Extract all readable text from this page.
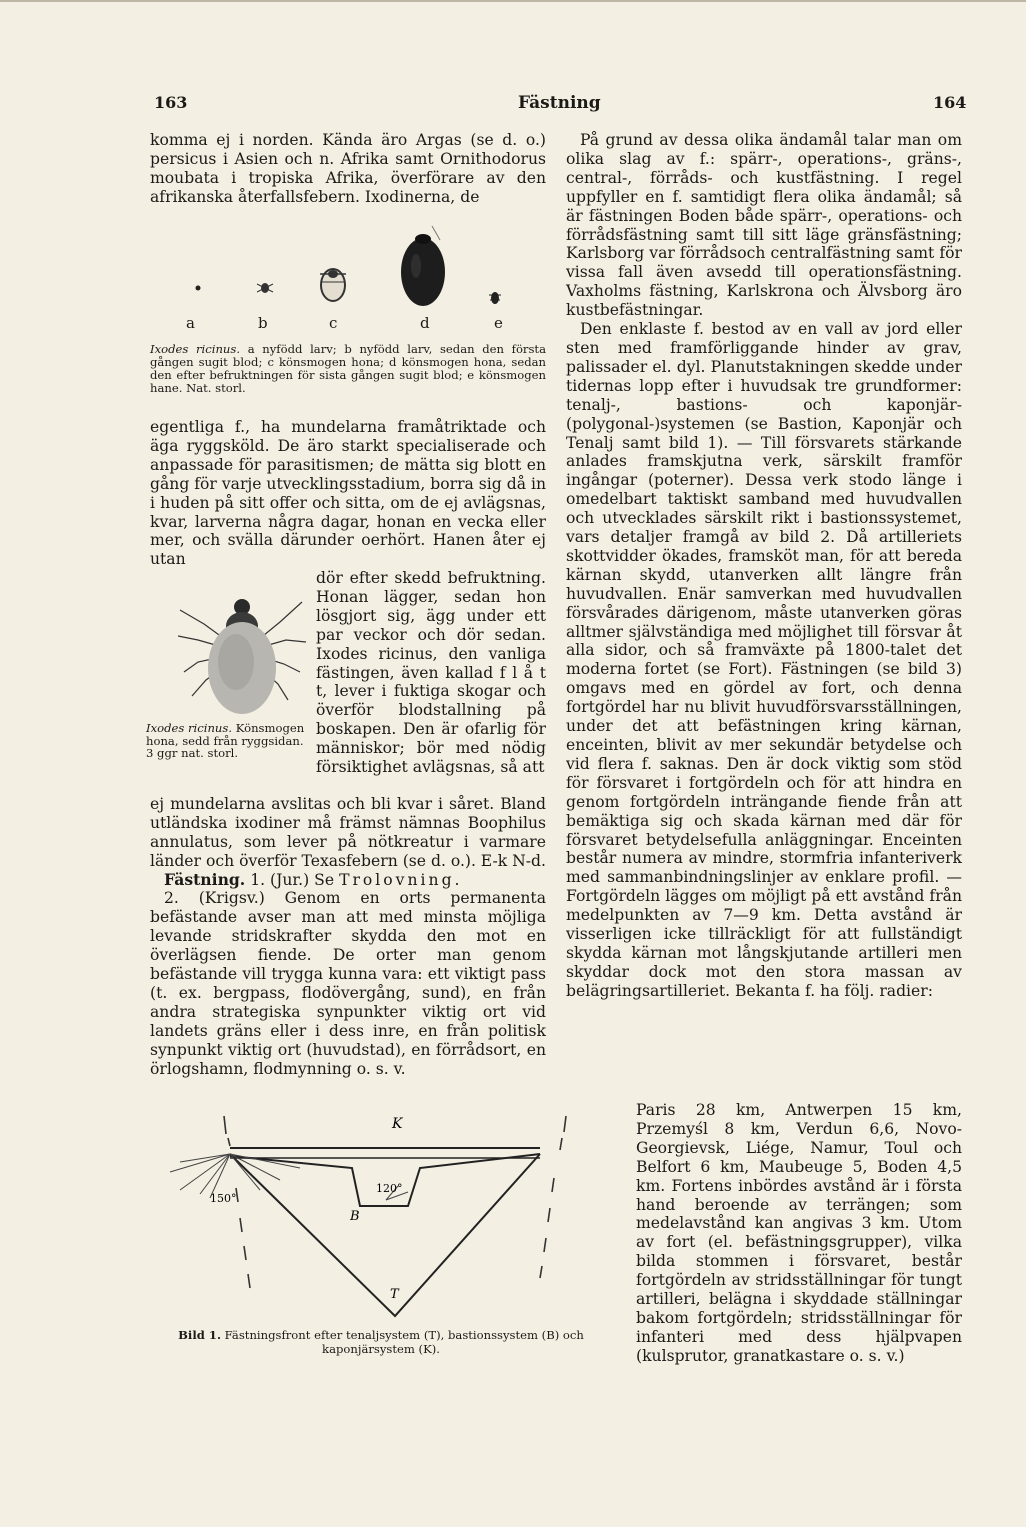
163	Fästning	164

komma ej i norden. Kända äro Argas (se d. o.) persicus i Asien och n. Afrika samt Ornithodorus moubata i tropiska Afrika, överförare av den afrikanska återfallsfebern. Ixodinerna, de

a	b	c	d	e
Ixodes ricinus. a nyfödd larv; b nyfödd larv, sedan den första gången sugit blod; c könsmogen hona; d könsmogen hona, sedan den efter befruktningen för sista gången sugit blod; e könsmogen hane. Nat. storl.

egentliga f., ha mundelarna framåtriktade och äga ryggsköld. De äro starkt specialiserade och anpassade för parasitismen; de mätta sig blott en gång för varje utvecklingsstadium, borra sig då in i huden på sitt offer och sitta, om de ej avlägsnas, kvar, larverna några dagar, honan en vecka eller mer, och svälla därunder oerhört. Hanen åter ej utan

Ixodes ricinus. Könsmogen hona, sedd från ryggsidan. 3 ggr nat. storl.

dör efter skedd befruktning. Honan lägger, sedan hon lösgjort sig, ägg under ett par veckor och dör sedan. Ixodes ricinus, den vanliga fästingen, även kallad f l å t t, lever i fuktiga skogar och överför blodstallning på boskapen. Den är ofarlig för människor; bör med nödig försiktighet avlägsnas, så att

ej mundelarna avslitas och bli kvar i såret. Bland utländska ixodiner må främst nämnas Boophilus annulatus, som lever på nötkreatur i varmare länder och överför Texasfebern (se d. o.). E-k N-d.

Fästning. 1. (Jur.) Se Trolovning.

2. (Krigsv.) Genom en orts permanenta befästande avser man att med minsta möjliga levande stridskrafter skydda den mot en överlägsen fiende. De orter man genom befästande vill trygga kunna vara: ett viktigt pass (t. ex. bergpass, flodövergång, sund), en från andra strategiska synpunkter viktig ort vid landets gräns eller i dess inre, en från politisk synpunkt viktig ort (huvudstad), en förrådsort, en örlogshamn, flodmynning o. s. v.

K
B
T
150°
120°
Bild 1. Fästningsfront efter tenaljsystem (T), bastionssystem (B) och kaponjärsystem (K).

På grund av dessa olika ändamål talar man om olika slag av f.: spärr-, operations-, gräns-, central-, förråds- och kustfästning. I regel uppfyller en f. samtidigt flera olika ändamål; så är fästningen Boden både spärr-, operations- och förrådsfästning samt till sitt läge gränsfästning; Karlsborg var förrådsoch centralfästning samt för vissa fall även avsedd till operationsfästning. Vaxholms fästning, Karlskrona och Älvsborg äro kustbefästningar.

Den enklaste f. bestod av en vall av jord eller sten med framförliggande hinder av grav, palissader el. dyl. Planutstakningen skedde under tidernas lopp efter i huvudsak tre grundformer: tenalj-, bastions- och kaponjär-(polygonal-)systemen (se Bastion, Kaponjär och Tenalj samt bild 1). — Till försvarets stärkande anlades framskjutna verk, särskilt framför ingångar (poterner). Dessa verk stodo länge i omedelbart taktiskt samband med huvudvallen och utvecklades särskilt rikt i bastionssystemet, vars detaljer framgå av bild 2. Då artilleriets skottvidder ökades, framsköt man, för att bereda kärnan skydd, utanverken allt längre från huvudvallen. Enär samverkan med huvudvallen försvårades därigenom, måste utanverken göras alltmer självständiga med möjlighet till försvar åt alla sidor, och så framväxte på 1800-talet det moderna fortet (se Fort). Fästningen (se bild 3) omgavs med en gördel av fort, och denna fortgördel har nu blivit huvudförsvarsställningen, under det att befästningen kring kärnan, enceinten, blivit av mer sekundär betydelse och vid flera f. saknas. Den är dock viktig som stöd för försvaret i fortgördeln och för att hindra en genom fortgördeln inträngande fiende från att bemäktiga sig och skada kärnan med där för försvaret betydelsefulla anläggningar. Enceinten består numera av mindre, stormfria infanteriverk med sammanbindningslinjer av enklare profil. — Fortgördeln lägges om möjligt på ett avstånd från medelpunkten av 7—9 km. Detta avstånd är visserligen icke tillräckligt för att fullständigt skydda kärnan mot långskjutande artilleri men skyddar dock mot den stora massan av belägringsartilleriet. Bekanta f. ha följ. radier:

Paris 28 km, Antwerpen 15 km, Przemyśl 8 km, Verdun 6,6, Novo-Georgievsk, Liége, Namur, Toul och Belfort 6 km, Maubeuge 5, Boden 4,5 km. Fortens inbördes avstånd är i första hand beroende av terrängen; som medelavstånd kan angivas 3 km. Utom av fort (el. befästningsgrupper), vilka bilda stommen i försvaret, består fortgördeln av stridsställningar för tungt artilleri, belägna i skyddade ställningar bakom fortgördeln; stridsställningar för infanteri med dess hjälpvapen (kulsprutor, granatkastare o. s. v.)
